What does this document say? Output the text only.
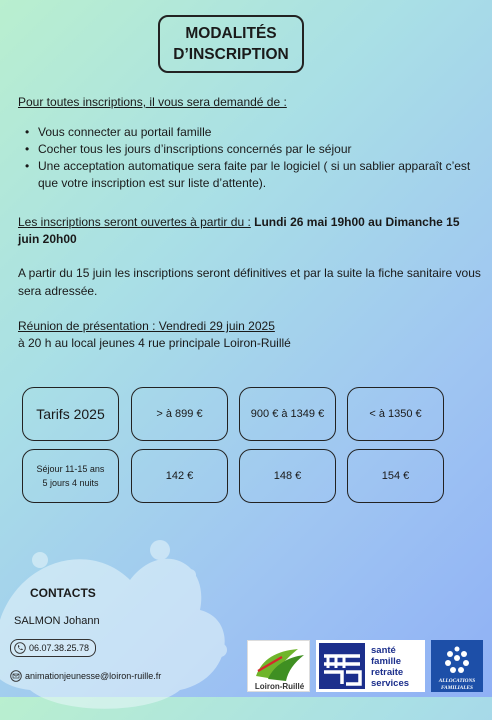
MODALITÉS
D’INSCRIPTION
Pour toutes inscriptions, il vous sera demandé de :
• Vous connecter au portail famille
• Cocher tous les jours d’inscriptions concernés par le séjour
• Une acceptation automatique sera faite par le logiciel ( si un sablier apparaît c’est que votre inscription est sur liste d’attente).
Les inscriptions seront ouvertes à partir du : Lundi 26 mai 19h00 au Dimanche 15 juin 20h00
A partir du 15 juin les inscriptions seront définitives et par la suite la fiche sanitaire vous sera adressée.
Réunion de présentation : Vendredi 29 juin 2025
à 20 h au local jeunes 4 rue principale Loiron-Ruillé
Tarifs 2025	> à 899 €	900 € à 1349 €	< à 1350 €
Séjour 11-15 ans
5 jours 4 nuits
142 €	148 €	154 €
CONTACTS
SALMON Johann
06.07.38.25.78
animationjeunesse@loiron-ruille.fr
Loiron-Ruillé
santé
famille
retraite
services	ALLOCATIONS
FAMILIALES
